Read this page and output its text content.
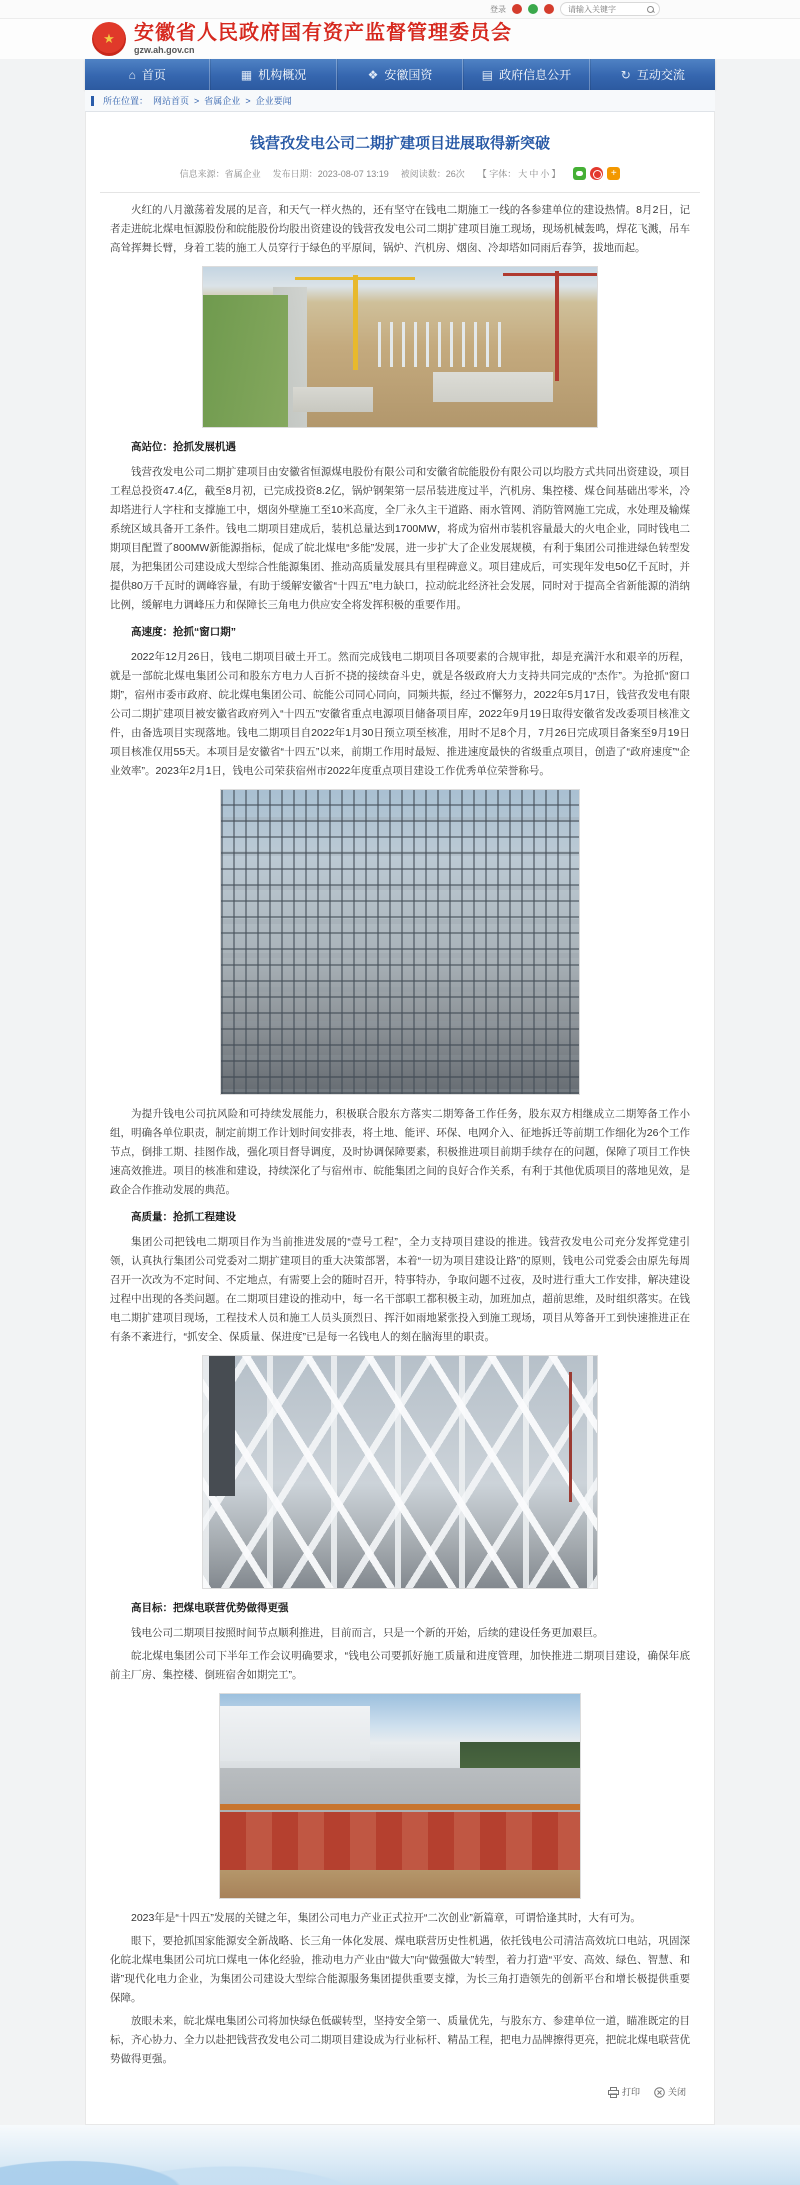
登录
请输入关键字
★ 安徽省人民政府国有资产监督管理委员会
gzw.ah.gov.cn
⌂
首页 ▦	机构概况 ❖	安徽国资 ▤	政府信息公开 ↻	互动交流
所在位置： 网站首页 > 省属企业 > 企业要闻
钱营孜发电公司二期扩建项目进展取得新突破
信息来源：省属企业 发布日期：2023-08-07 13:19 被阅读数：26次 【 字体： 大 中 小 】
+

火红的八月激荡着发展的足音，和天气一样火热的，还有坚守在钱电二期施工一线的各参建单位的建设热情。8月2日，记者走进皖北煤电恒源股份和皖能股份均股出资建设的钱营孜发电公司二期扩建项目施工现场，现场机械轰鸣，焊花飞溅，吊车高耸挥舞长臂，身着工装的施工人员穿行于绿色的平原间，锅炉、汽机房、烟囱、冷却塔如同雨后春笋，拔地而起。

高站位：抢抓发展机遇

钱营孜发电公司二期扩建项目由安徽省恒源煤电股份有限公司和安徽省皖能股份有限公司以均股方式共同出资建设，项目工程总投资47.4亿，截至8月初，已完成投资8.2亿，锅炉钢架第一层吊装进度过半，汽机房、集控楼、煤仓间基础出零米，冷却塔进行人字柱和支撑施工中，烟囱外壁施工至10米高度，全厂永久主干道路、雨水管网、消防管网施工完成，水处理及输煤系统区域具备开工条件。钱电二期项目建成后，装机总量达到1700MW，将成为宿州市装机容量最大的火电企业，同时钱电二期项目配置了800MW新能源指标，促成了皖北煤电“多能”发展，进一步扩大了企业发展规模，有利于集团公司推进绿色转型发展，为把集团公司建设成大型综合性能源集团、推动高质量发展具有里程碑意义。项目建成后，可实现年发电50亿千瓦时，并提供80万千瓦时的调峰容量，有助于缓解安徽省“十四五”电力缺口，拉动皖北经济社会发展，同时对于提高全省新能源的消纳比例，缓解电力调峰压力和保障长三角电力供应安全将发挥积极的重要作用。

高速度：抢抓“窗口期”

2022年12月26日，钱电二期项目破土开工。然而完成钱电二期项目各项要素的合规审批，却是充满汗水和艰辛的历程，就是一部皖北煤电集团公司和股东方电力人百折不挠的接续奋斗史，就是各级政府大力支持共同完成的“杰作”。为抢抓“窗口期”，宿州市委市政府、皖北煤电集团公司、皖能公司同心同向，同频共振，经过不懈努力，2022年5月17日，钱营孜发电有限公司二期扩建项目被安徽省政府列入“十四五”安徽省重点电源项目储备项目库，2022年9月19日取得安徽省发改委项目核准文件，由备选项目实现落地。钱电二期项目自2022年1月30日预立项至核准，用时不足8个月，7月26日完成项目备案至9月19日项目核准仅用55天。本项目是安徽省“十四五”以来，前期工作用时最短、推进速度最快的省级重点项目，创造了“政府速度”“企业效率”。2023年2月1日，钱电公司荣获宿州市2022年度重点项目建设工作优秀单位荣誉称号。

为提升钱电公司抗风险和可持续发展能力，积极联合股东方落实二期筹备工作任务，股东双方相继成立二期筹备工作小组，明确各单位职责，制定前期工作计划时间安排表，将土地、能评、环保、电网介入、征地拆迁等前期工作细化为26个工作节点，倒排工期、挂图作战，强化项目督导调度，及时协调保障要素，积极推进项目前期手续存在的问题，保障了项目工作快速高效推进。项目的核准和建设，持续深化了与宿州市、皖能集团之间的良好合作关系，有利于其他优质项目的落地见效，是政企合作推动发展的典范。

高质量：抢抓工程建设

集团公司把钱电二期项目作为当前推进发展的“壹号工程”，全力支持项目建设的推进。钱营孜发电公司充分发挥党建引领，认真执行集团公司党委对二期扩建项目的重大决策部署，本着“一切为项目建设让路”的原则，钱电公司党委会由原先每周召开一次改为不定时间、不定地点，有需要上会的随时召开，特事特办，争取问题不过夜，及时进行重大工作安排，解决建设过程中出现的各类问题。在二期项目建设的推动中，每一名干部职工都积极主动，加班加点，超前思维，及时组织落实。在钱电二期扩建项目现场，工程技术人员和施工人员头顶烈日、挥汗如雨地紧张投入到施工现场，项目从筹备开工到快速推进正在有条不紊进行，“抓安全、保质量、保进度”已是每一名钱电人的刻在脑海里的职责。

高目标：把煤电联营优势做得更强

钱电公司二期项目按照时间节点顺利推进，目前而言，只是一个新的开始，后续的建设任务更加艰巨。

皖北煤电集团公司下半年工作会议明确要求，“钱电公司要抓好施工质量和进度管理，加快推进二期项目建设，确保年底前主厂房、集控楼、倒班宿舍如期完工”。

2023年是“十四五”发展的关键之年，集团公司电力产业正式拉开“二次创业”新篇章，可谓恰逢其时，大有可为。

眼下，要抢抓国家能源安全新战略、长三角一体化发展、煤电联营历史性机遇，依托钱电公司清洁高效坑口电站，巩固深化皖北煤电集团公司坑口煤电一体化经验，推动电力产业由“做大”向“做强做大”转型，着力打造“平安、高效、绿色、智慧、和谐”现代化电力企业，为集团公司建设大型综合能源服务集团提供重要支撑，为长三角打造领先的创新平台和增长极提供重要保障。

放眼未来，皖北煤电集团公司将加快绿色低碳转型，坚持安全第一、质量优先，与股东方、参建单位一道，瞄准既定的目标，齐心协力、全力以赴把钱营孜发电公司二期项目建设成为行业标杆、精品工程，把电力品牌擦得更亮，把皖北煤电联营优势做得更强。

打印	关闭
